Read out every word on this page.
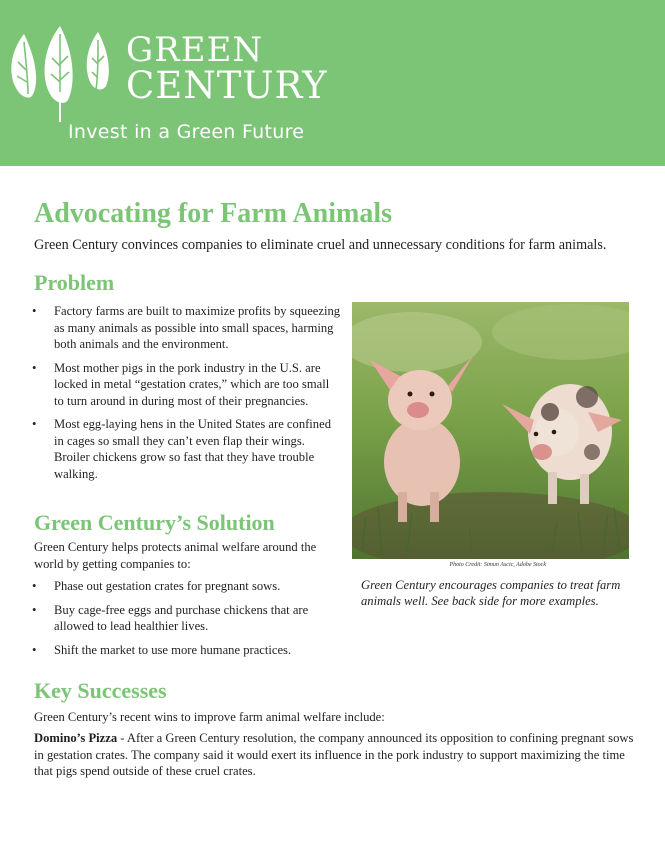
GREEN
CENTURY
Invest in a Green Future
Advocating for Farm Animals

Green Century convinces companies to eliminate cruel and unnecessary conditions for farm animals.

Problem
• Factory farms are built to maximize profits by squeezing as many animals as possible into small spaces, harming both animals and the environment.
• Most mother pigs in the pork industry in the U.S. are locked in metal “gestation crates,” which are too small to turn around in during most of their pregnancies.
• Most egg-laying hens in the United States are confined in cages so small they can’t even flap their wings. Broiler chickens grow so fast that they have trouble walking.
Photo Credit: Simun Ascic, Adobe Stock

Green Century encourages companies to treat farm animals well. See back side for more examples.

Green Century’s Solution

Green Century helps protects animal welfare around the world by getting companies to:

• Phase out gestation crates for pregnant sows.
• Buy cage-free eggs and purchase chickens that are allowed to lead healthier lives.
• Shift the market to use more humane practices.
Key Successes

Green Century’s recent wins to improve farm animal welfare include:

Domino’s Pizza - After a Green Century resolution, the company announced its opposition to confining pregnant sows in gestation crates. The company said it would exert its influence in the pork industry to support maximizing the time that pigs spend outside of these cruel crates.
